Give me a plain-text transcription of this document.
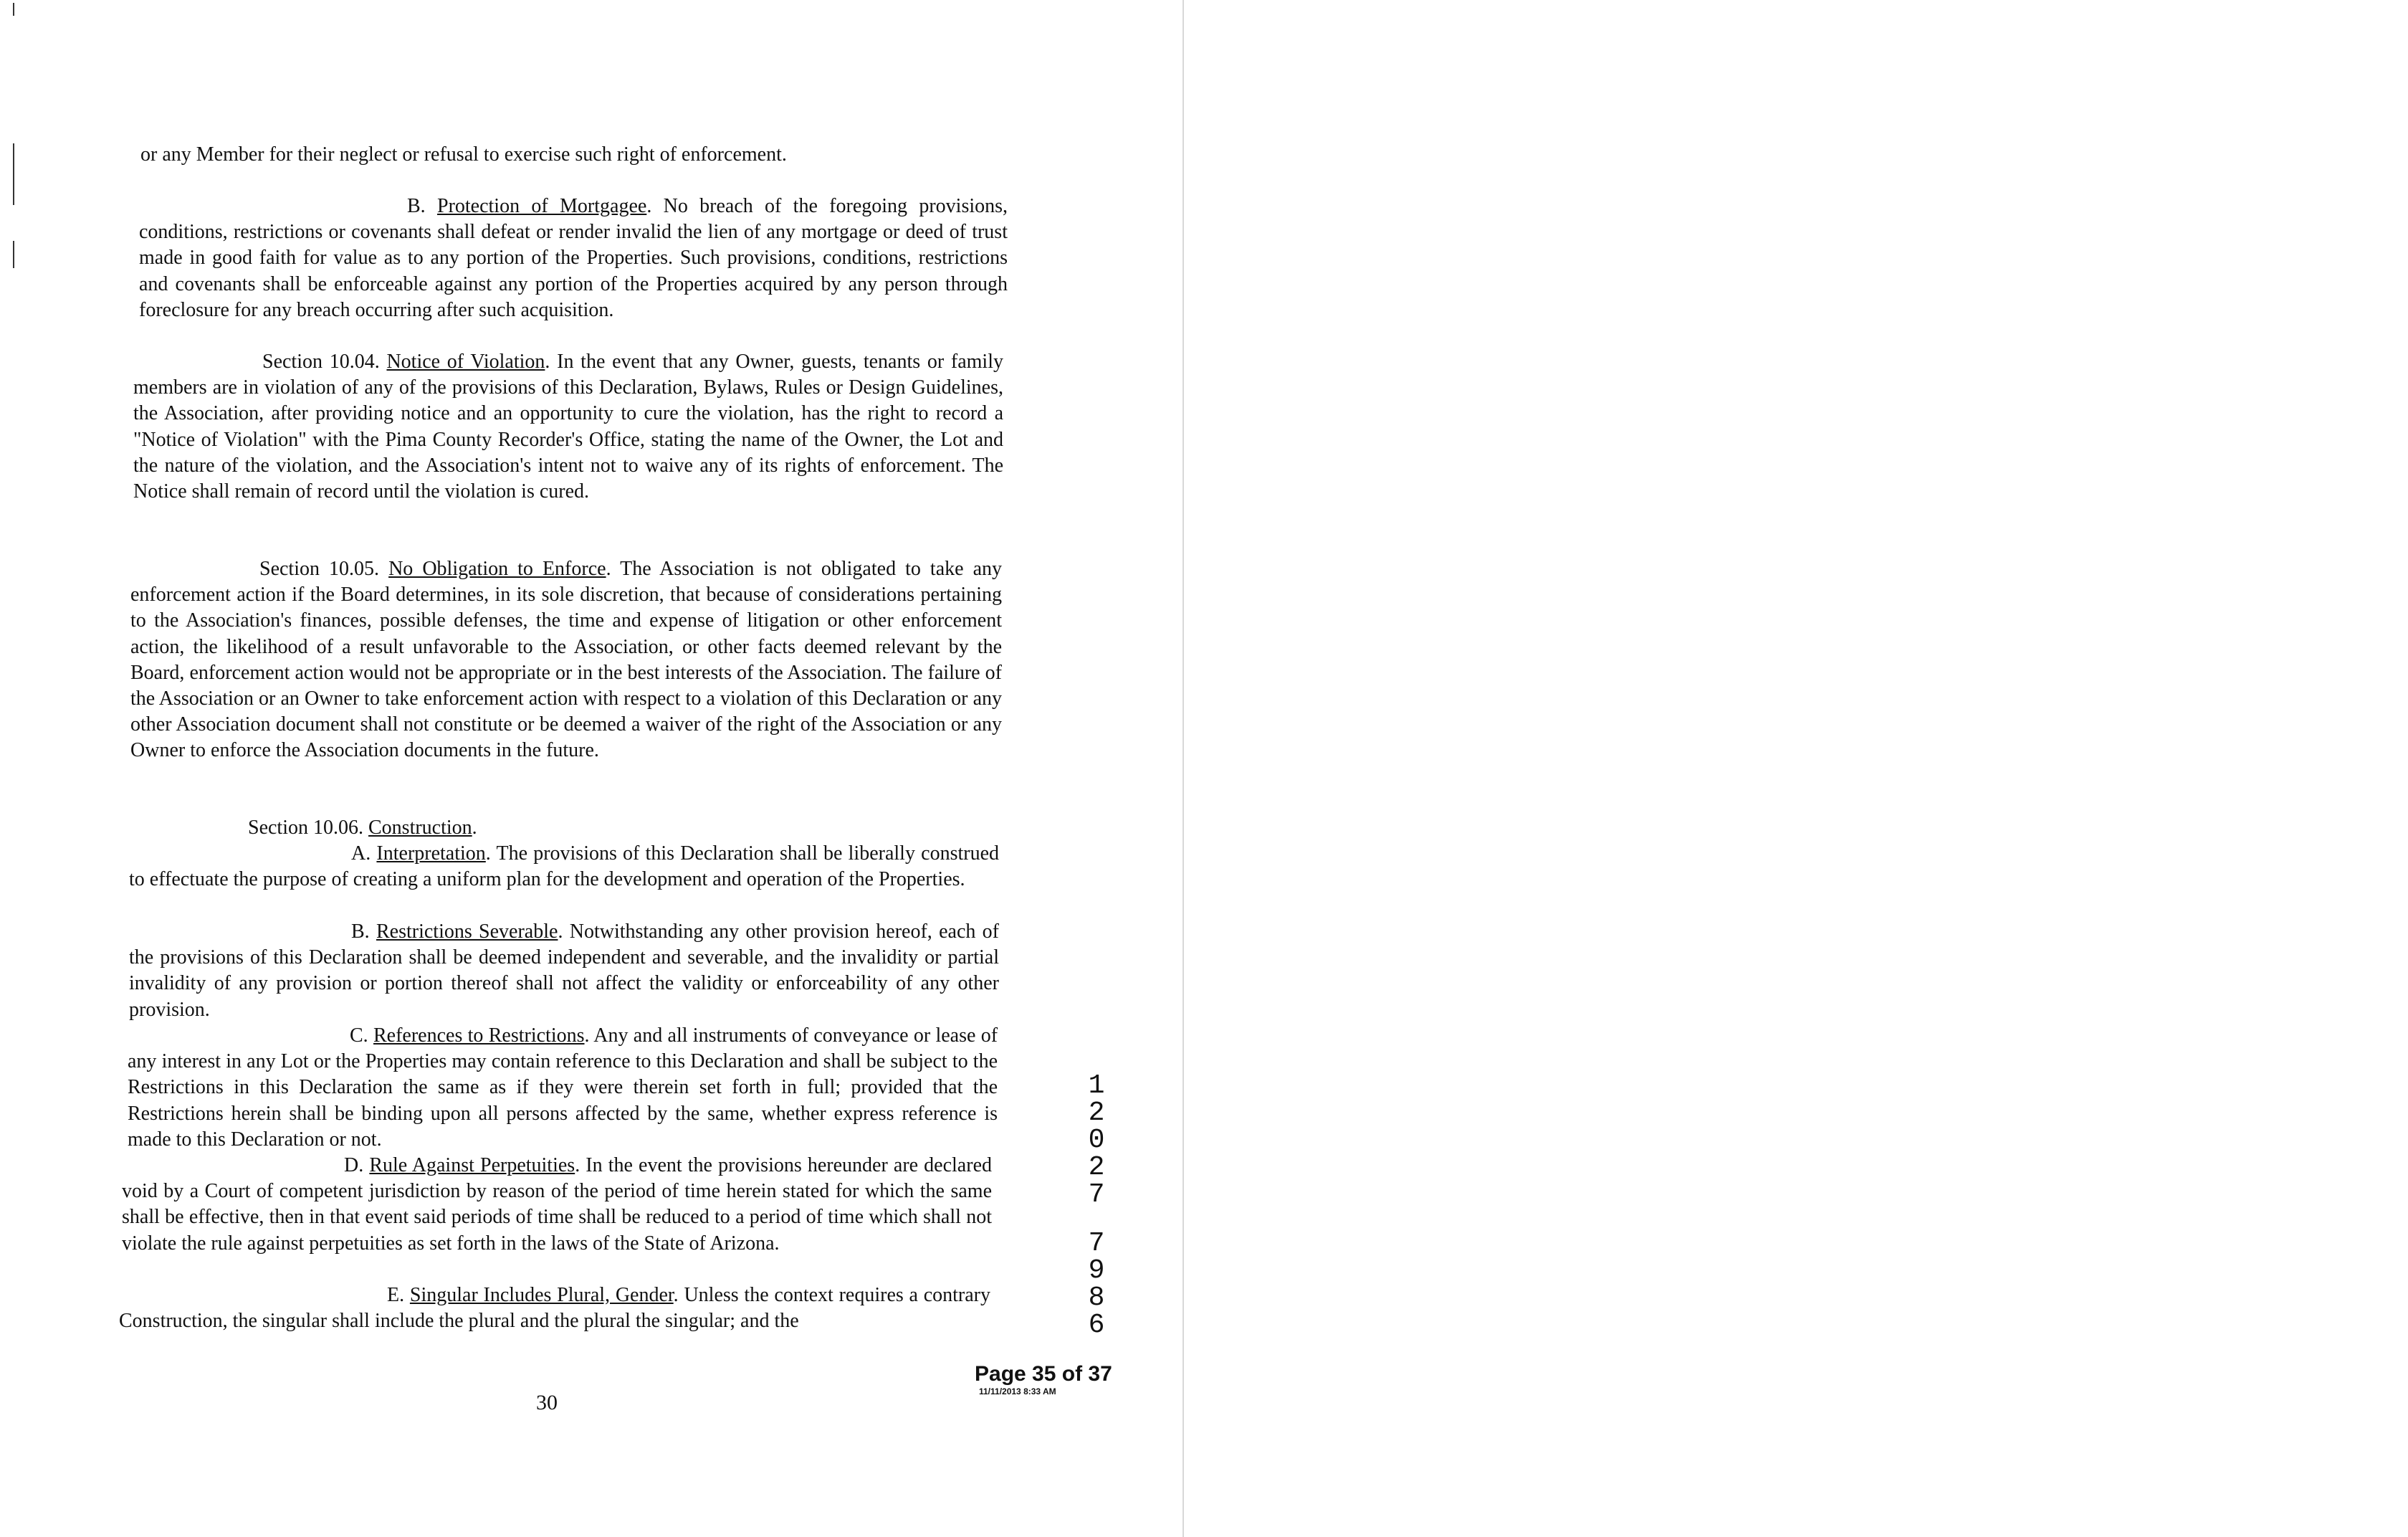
or any Member for their neglect or refusal to exercise such right of enforcement.

B. Protection of Mortgagee. No breach of the foregoing provisions, conditions, restrictions or covenants shall defeat or render invalid the lien of any mortgage or deed of trust made in good faith for value as to any portion of the Properties. Such provisions, conditions, restrictions and covenants shall be enforceable against any portion of the Properties acquired by any person through foreclosure for any breach occurring after such acquisition.

Section 10.04. Notice of Violation. In the event that any Owner, guests, tenants or family members are in violation of any of the provisions of this Declaration, Bylaws, Rules or Design Guidelines, the Association, after providing notice and an opportunity to cure the violation, has the right to record a "Notice of Violation" with the Pima County Recorder's Office, stating the name of the Owner, the Lot and the nature of the violation, and the Association's intent not to waive any of its rights of enforcement. The Notice shall remain of record until the violation is cured.

Section 10.05. No Obligation to Enforce. The Association is not obligated to take any enforcement action if the Board determines, in its sole discretion, that because of considerations pertaining to the Association's finances, possible defenses, the time and expense of litigation or other enforcement action, the likelihood of a result unfavorable to the Association, or other facts deemed relevant by the Board, enforcement action would not be appropriate or in the best interests of the Association. The failure of the Association or an Owner to take enforcement action with respect to a violation of this Declaration or any other Association document shall not constitute or be deemed a waiver of the right of the Association or any Owner to enforce the Association documents in the future.

Section 10.06. Construction.

A. Interpretation. The provisions of this Declaration shall be liberally construed to effectuate the purpose of creating a uniform plan for the development and operation of the Properties.

B. Restrictions Severable. Notwithstanding any other provision hereof, each of the provisions of this Declaration shall be deemed independent and severable, and the invalidity or partial invalidity of any provision or portion thereof shall not affect the validity or enforceability of any other provision.

C. References to Restrictions. Any and all instruments of conveyance or lease of any interest in any Lot or the Properties may contain reference to this Declaration and shall be subject to the Restrictions in this Declaration the same as if they were therein set forth in full; provided that the Restrictions herein shall be binding upon all persons affected by the same, whether express reference is made to this Declaration or not.

D. Rule Against Perpetuities. In the event the provisions hereunder are declared void by a Court of competent jurisdiction by reason of the period of time herein stated for which the same shall be effective, then in that event said periods of time shall be reduced to a period of time which shall not violate the rule against perpetuities as set forth in the laws of the State of Arizona.

E. Singular Includes Plural, Gender. Unless the context requires a contrary Construction, the singular shall include the plural and the plural the singular; and the

1
2
0
2
7
7
9
8
6
Page 35 of 37
11/11/2013 8:33 AM
30
